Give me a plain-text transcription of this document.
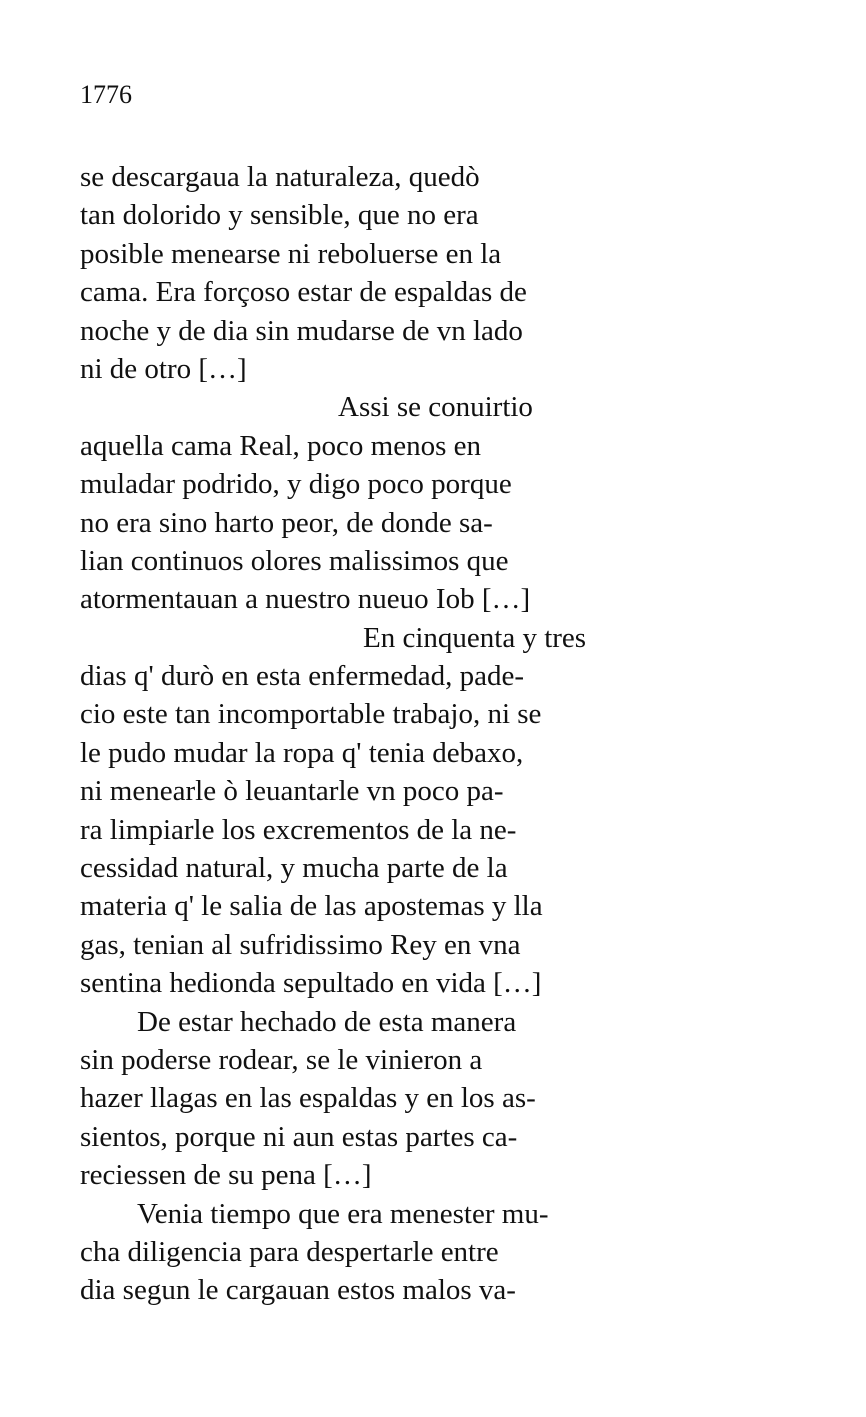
1776
se descargaua la naturaleza, quedò
tan dolorido y sensible, que no era
posible menearse ni reboluerse en la
cama. Era forçoso estar de espaldas de
noche y de dia sin mudarse de vn lado
ni de otro […]
Assi se conuirtio
aquella cama Real, poco menos en
muladar podrido, y digo poco porque
no era sino harto peor, de donde sa-
lian continuos olores malissimos que
atormentauan a nuestro nueuo Iob […]
En cinquenta y tres
dias q' durò en esta enfermedad, pade-
cio este tan incomportable trabajo, ni se
le pudo mudar la ropa q' tenia debaxo,
ni menearle ò leuantarle vn poco pa-
ra limpiarle los excrementos de la ne-
cessidad natural, y mucha parte de la
materia q' le salia de las apostemas y lla
gas, tenian al sufridissimo Rey en vna
sentina hedionda sepultado en vida […]
De estar hechado de esta manera
sin poderse rodear, se le vinieron a
hazer llagas en las espaldas y en los as-
sientos, porque ni aun estas partes ca-
reciessen de su pena […]
Venia tiempo que era menester mu-
cha diligencia para despertarle entre
dia segun le cargauan estos malos va-
